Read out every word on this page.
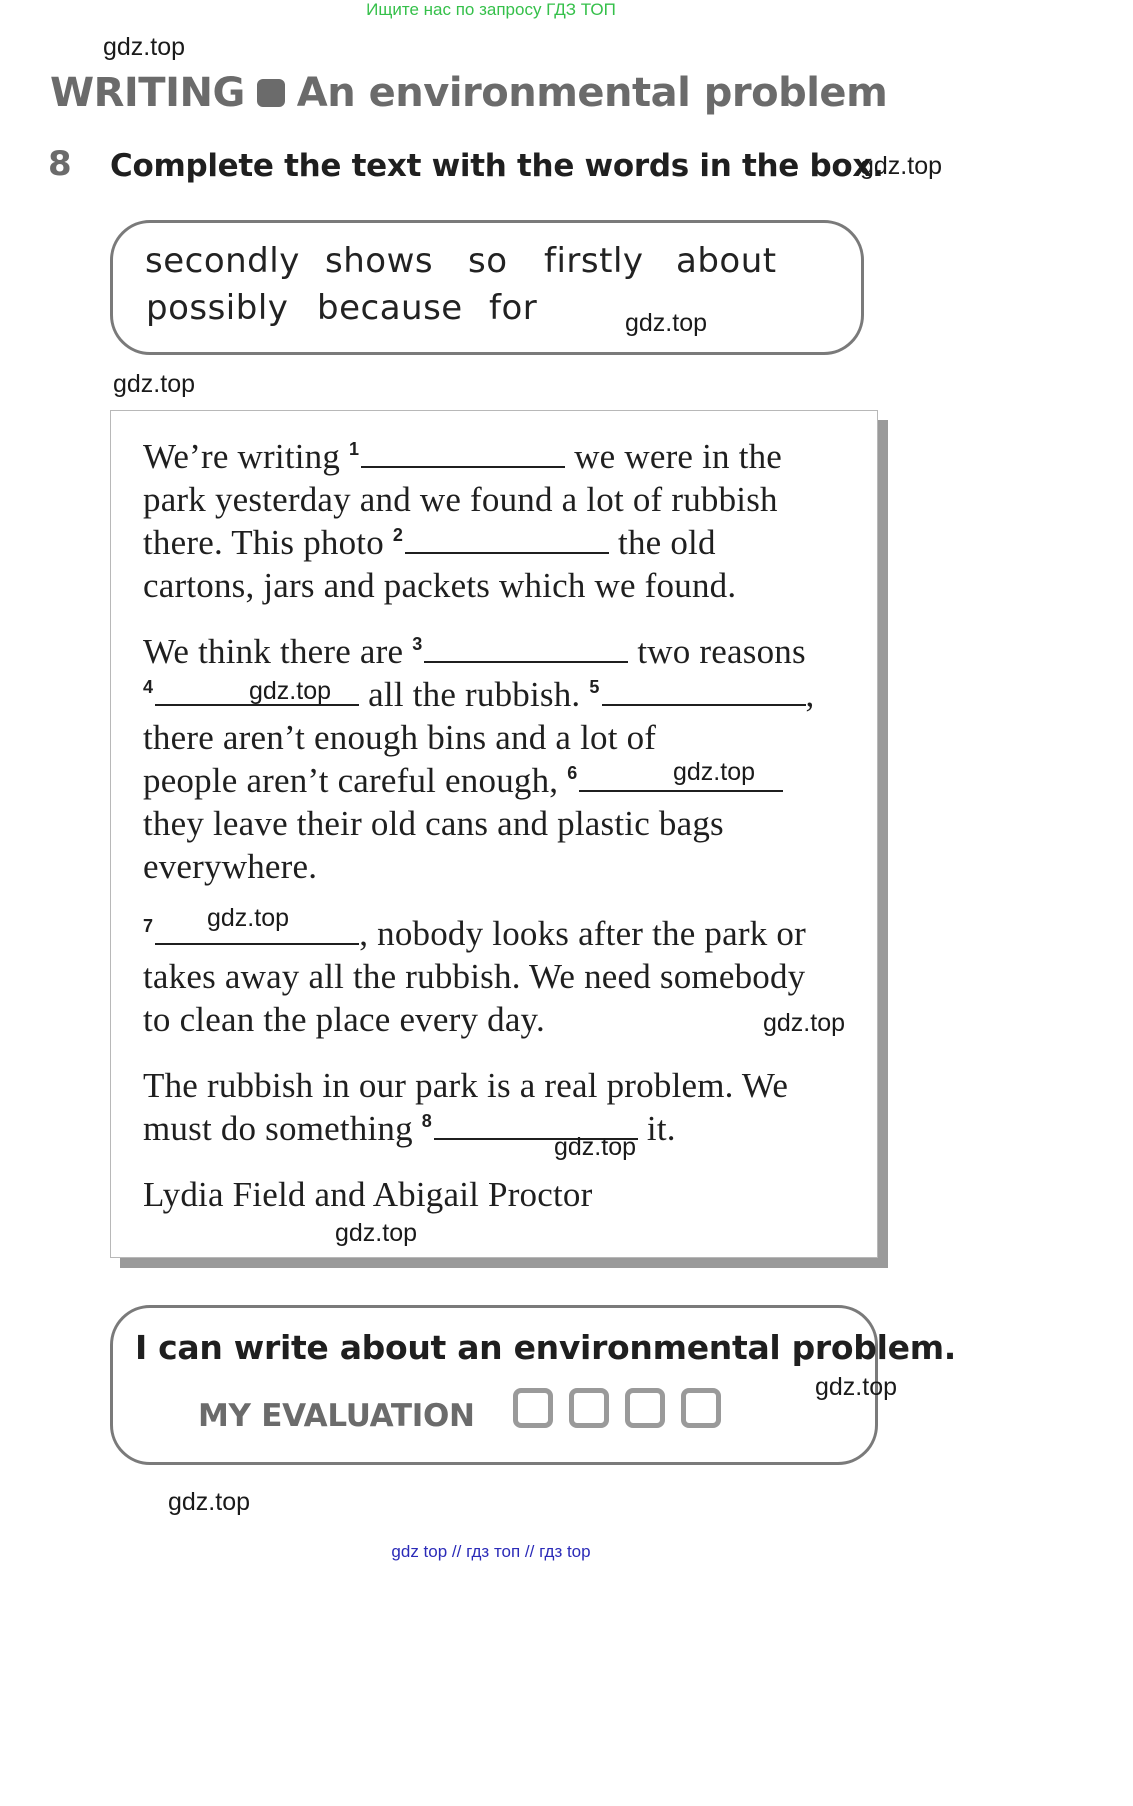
Ищите нас по запросу ГДЗ ТОП
gdz.top
WRITING An environmental problem
8 Complete the text with the words in the box.
gdz.top
secondly shows so firstly about
possibly because for	gdz.top
gdz.top
We’re writing $^1$	we were in the
park yesterday and we found a lot of rubbish
there. This photo $^2$	the old
cartons, jars and packets which we found.
We think there are $^3$	two reasons
$^4$	all the rubbish. $^5$	,
gdz.top
there aren’t enough bins and a lot of
people aren’t careful enough, $^6$	gdz.top
they leave their old cans and plastic bags
everywhere.
$^7$	, nobody looks after the park or
gdz.top
takes away all the rubbish. We need somebody
to clean the place every day.	gdz.top
The rubbish in our park is a real problem. We
must do something $^8$	it.
gdz.top
Lydia Field and Abigail Proctor
gdz.top
I can write about an environmental problem.
MY EVALUATION
gdz.top
gdz.top
gdz top // гдз топ // гдз top
